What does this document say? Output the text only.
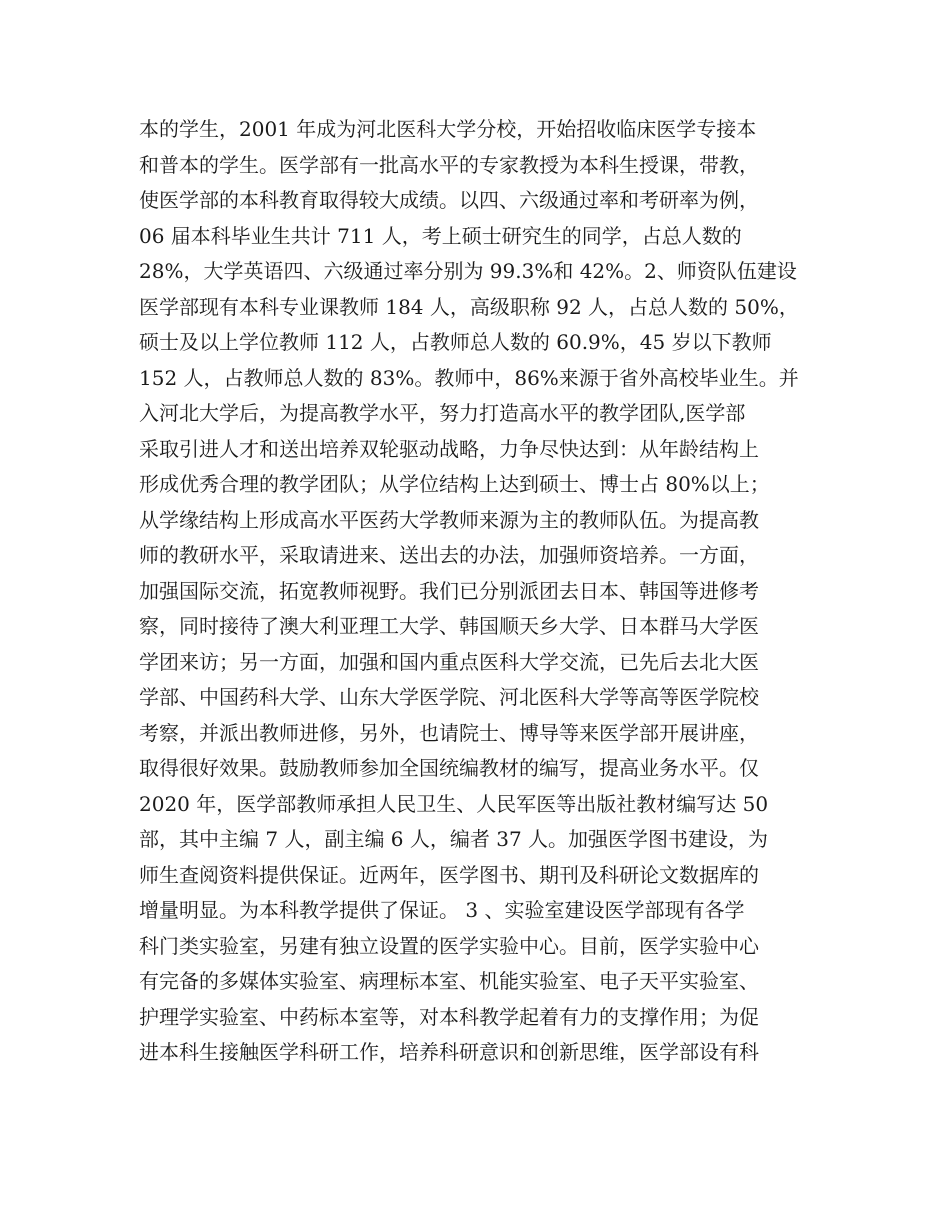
本的学生，2001 年成为河北医科大学分校，开始招收临床医学专接本
和普本的学生。医学部有一批高水平的专家教授为本科生授课，带教，
使医学部的本科教育取得较大成绩。以四、六级通过率和考研率为例，
06 届本科毕业生共计 711 人，考上硕士研究生的同学，占总人数的
28%，大学英语四、六级通过率分别为 99.3%和 42%。2、师资队伍建设
医学部现有本科专业课教师 184 人，高级职称 92 人，占总人数的 50%，
硕士及以上学位教师 112 人，占教师总人数的 60.9%，45 岁以下教师
152 人，占教师总人数的 83%。教师中，86%来源于省外高校毕业生。并
入河北大学后，为提高教学水平，努力打造高水平的教学团队,医学部
采取引进人才和送出培养双轮驱动战略，力争尽快达到：从年龄结构上
形成优秀合理的教学团队；从学位结构上达到硕士、博士占 80%以上；
从学缘结构上形成高水平医药大学教师来源为主的教师队伍。为提高教
师的教研水平，采取请进来、送出去的办法，加强师资培养。一方面，
加强国际交流，拓宽教师视野。我们已分别派团去日本、韩国等进修考
察，同时接待了澳大利亚理工大学、韩国顺天乡大学、日本群马大学医
学团来访；另一方面，加强和国内重点医科大学交流，已先后去北大医
学部、中国药科大学、山东大学医学院、河北医科大学等高等医学院校
考察，并派出教师进修，另外，也请院士、博导等来医学部开展讲座，
取得很好效果。鼓励教师参加全国统编教材的编写，提高业务水平。仅
2020 年，医学部教师承担人民卫生、人民军医等出版社教材编写达 50
部，其中主编 7 人，副主编 6 人，编者 37 人。加强医学图书建设，为
师生查阅资料提供保证。近两年，医学图书、期刊及科研论文数据库的
增量明显。为本科教学提供了保证。 3 、实验室建设医学部现有各学
科门类实验室，另建有独立设置的医学实验中心。目前，医学实验中心
有完备的多媒体实验室、病理标本室、机能实验室、电子天平实验室、
护理学实验室、中药标本室等，对本科教学起着有力的支撑作用；为促
进本科生接触医学科研工作，培养科研意识和创新思维，医学部设有科
